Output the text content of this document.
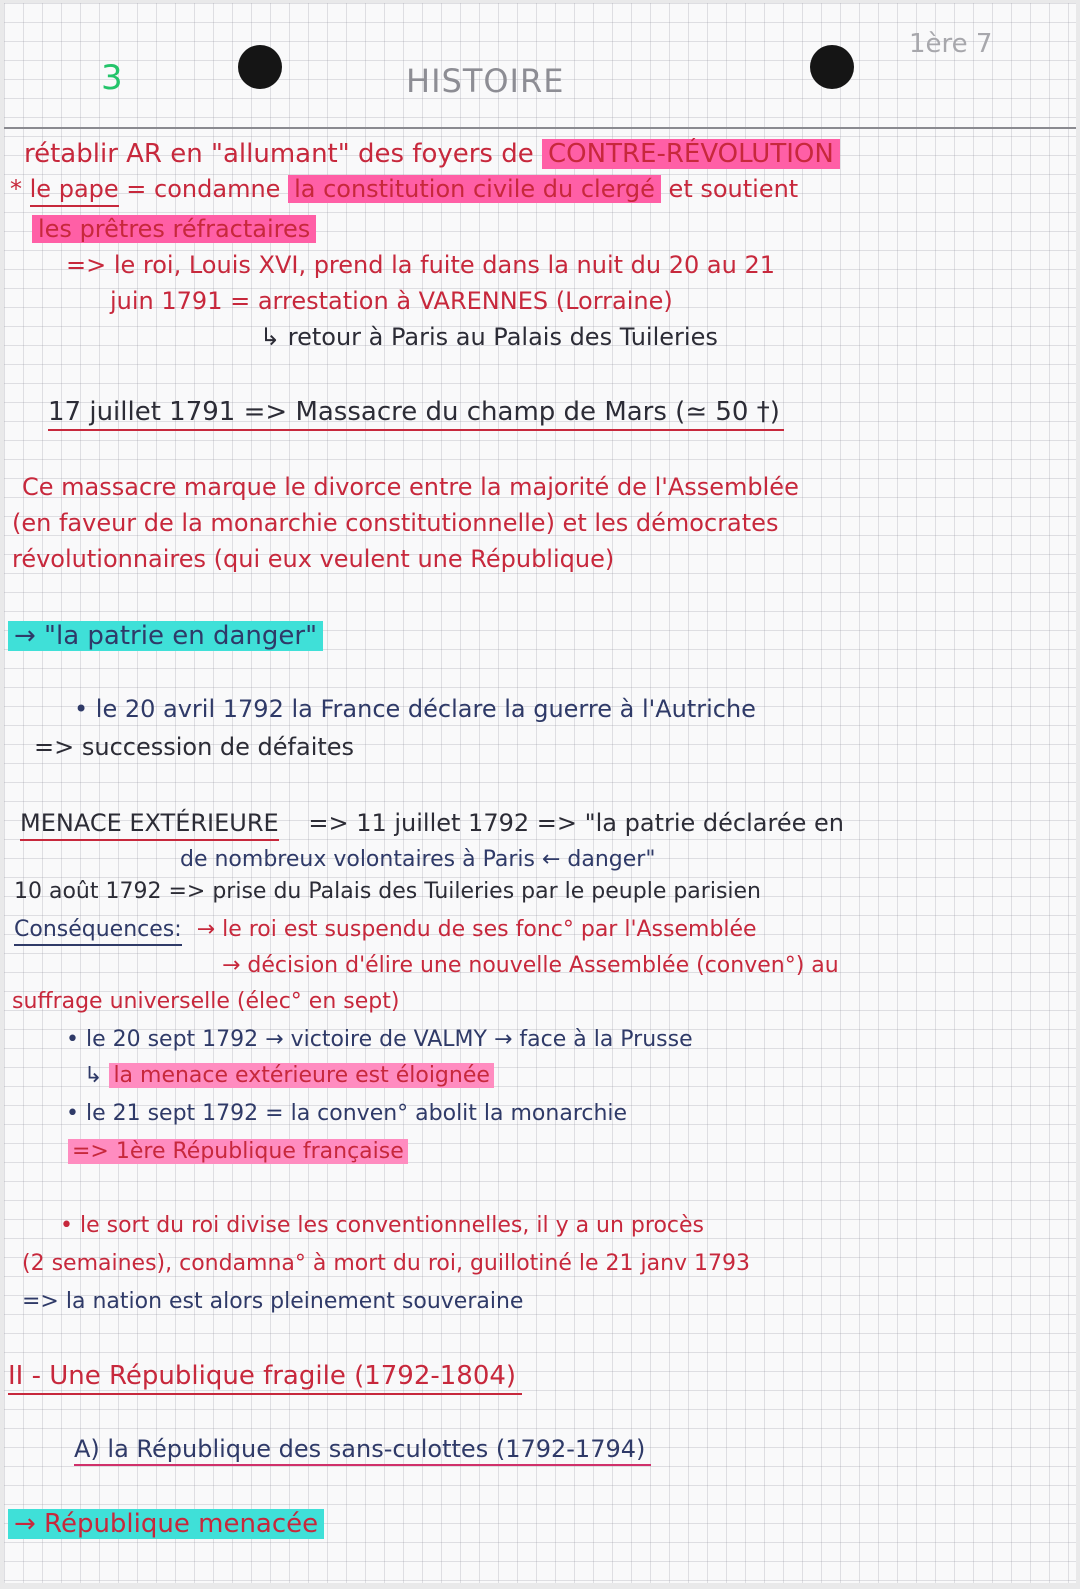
3	HISTOIRE
1ère 7
rétablir AR en "allumant" des foyers de CONTRE-RÉVOLUTION
* le pape = condamne la constitution civile du clergé et soutient
les prêtres réfractaires
=> le roi, Louis XVI, prend la fuite dans la nuit du 20 au 21
juin 1791 = arrestation à VARENNES (Lorraine)
↳ retour à Paris au Palais des Tuileries
17 juillet 1791 => Massacre du champ de Mars (≃ 50 †)
Ce massacre marque le divorce entre la majorité de l'Assemblée
(en faveur de la monarchie constitutionnelle) et les démocrates
révolutionnaires (qui eux veulent une République)
→ "la patrie en danger"
• le 20 avril 1792 la France déclare la guerre à l'Autriche
=> succession de défaites
MENACE EXTÉRIEURE => 11 juillet 1792 => "la patrie déclarée en
de nombreux volontaires à Paris ← danger"
10 août 1792 => prise du Palais des Tuileries par le peuple parisien
Conséquences: → le roi est suspendu de ses fonc° par l'Assemblée
→ décision d'élire une nouvelle Assemblée (conven°) au
suffrage universelle (élec° en sept)
• le 20 sept 1792 → victoire de VALMY → face à la Prusse
↳ la menace extérieure est éloignée
• le 21 sept 1792 = la conven° abolit la monarchie
=> 1ère République française
• le sort du roi divise les conventionnelles, il y a un procès
(2 semaines), condamna° à mort du roi, guillotiné le 21 janv 1793
=> la nation est alors pleinement souveraine
II - Une République fragile (1792-1804)
A) la République des sans-culottes (1792-1794)
→ République menacée
